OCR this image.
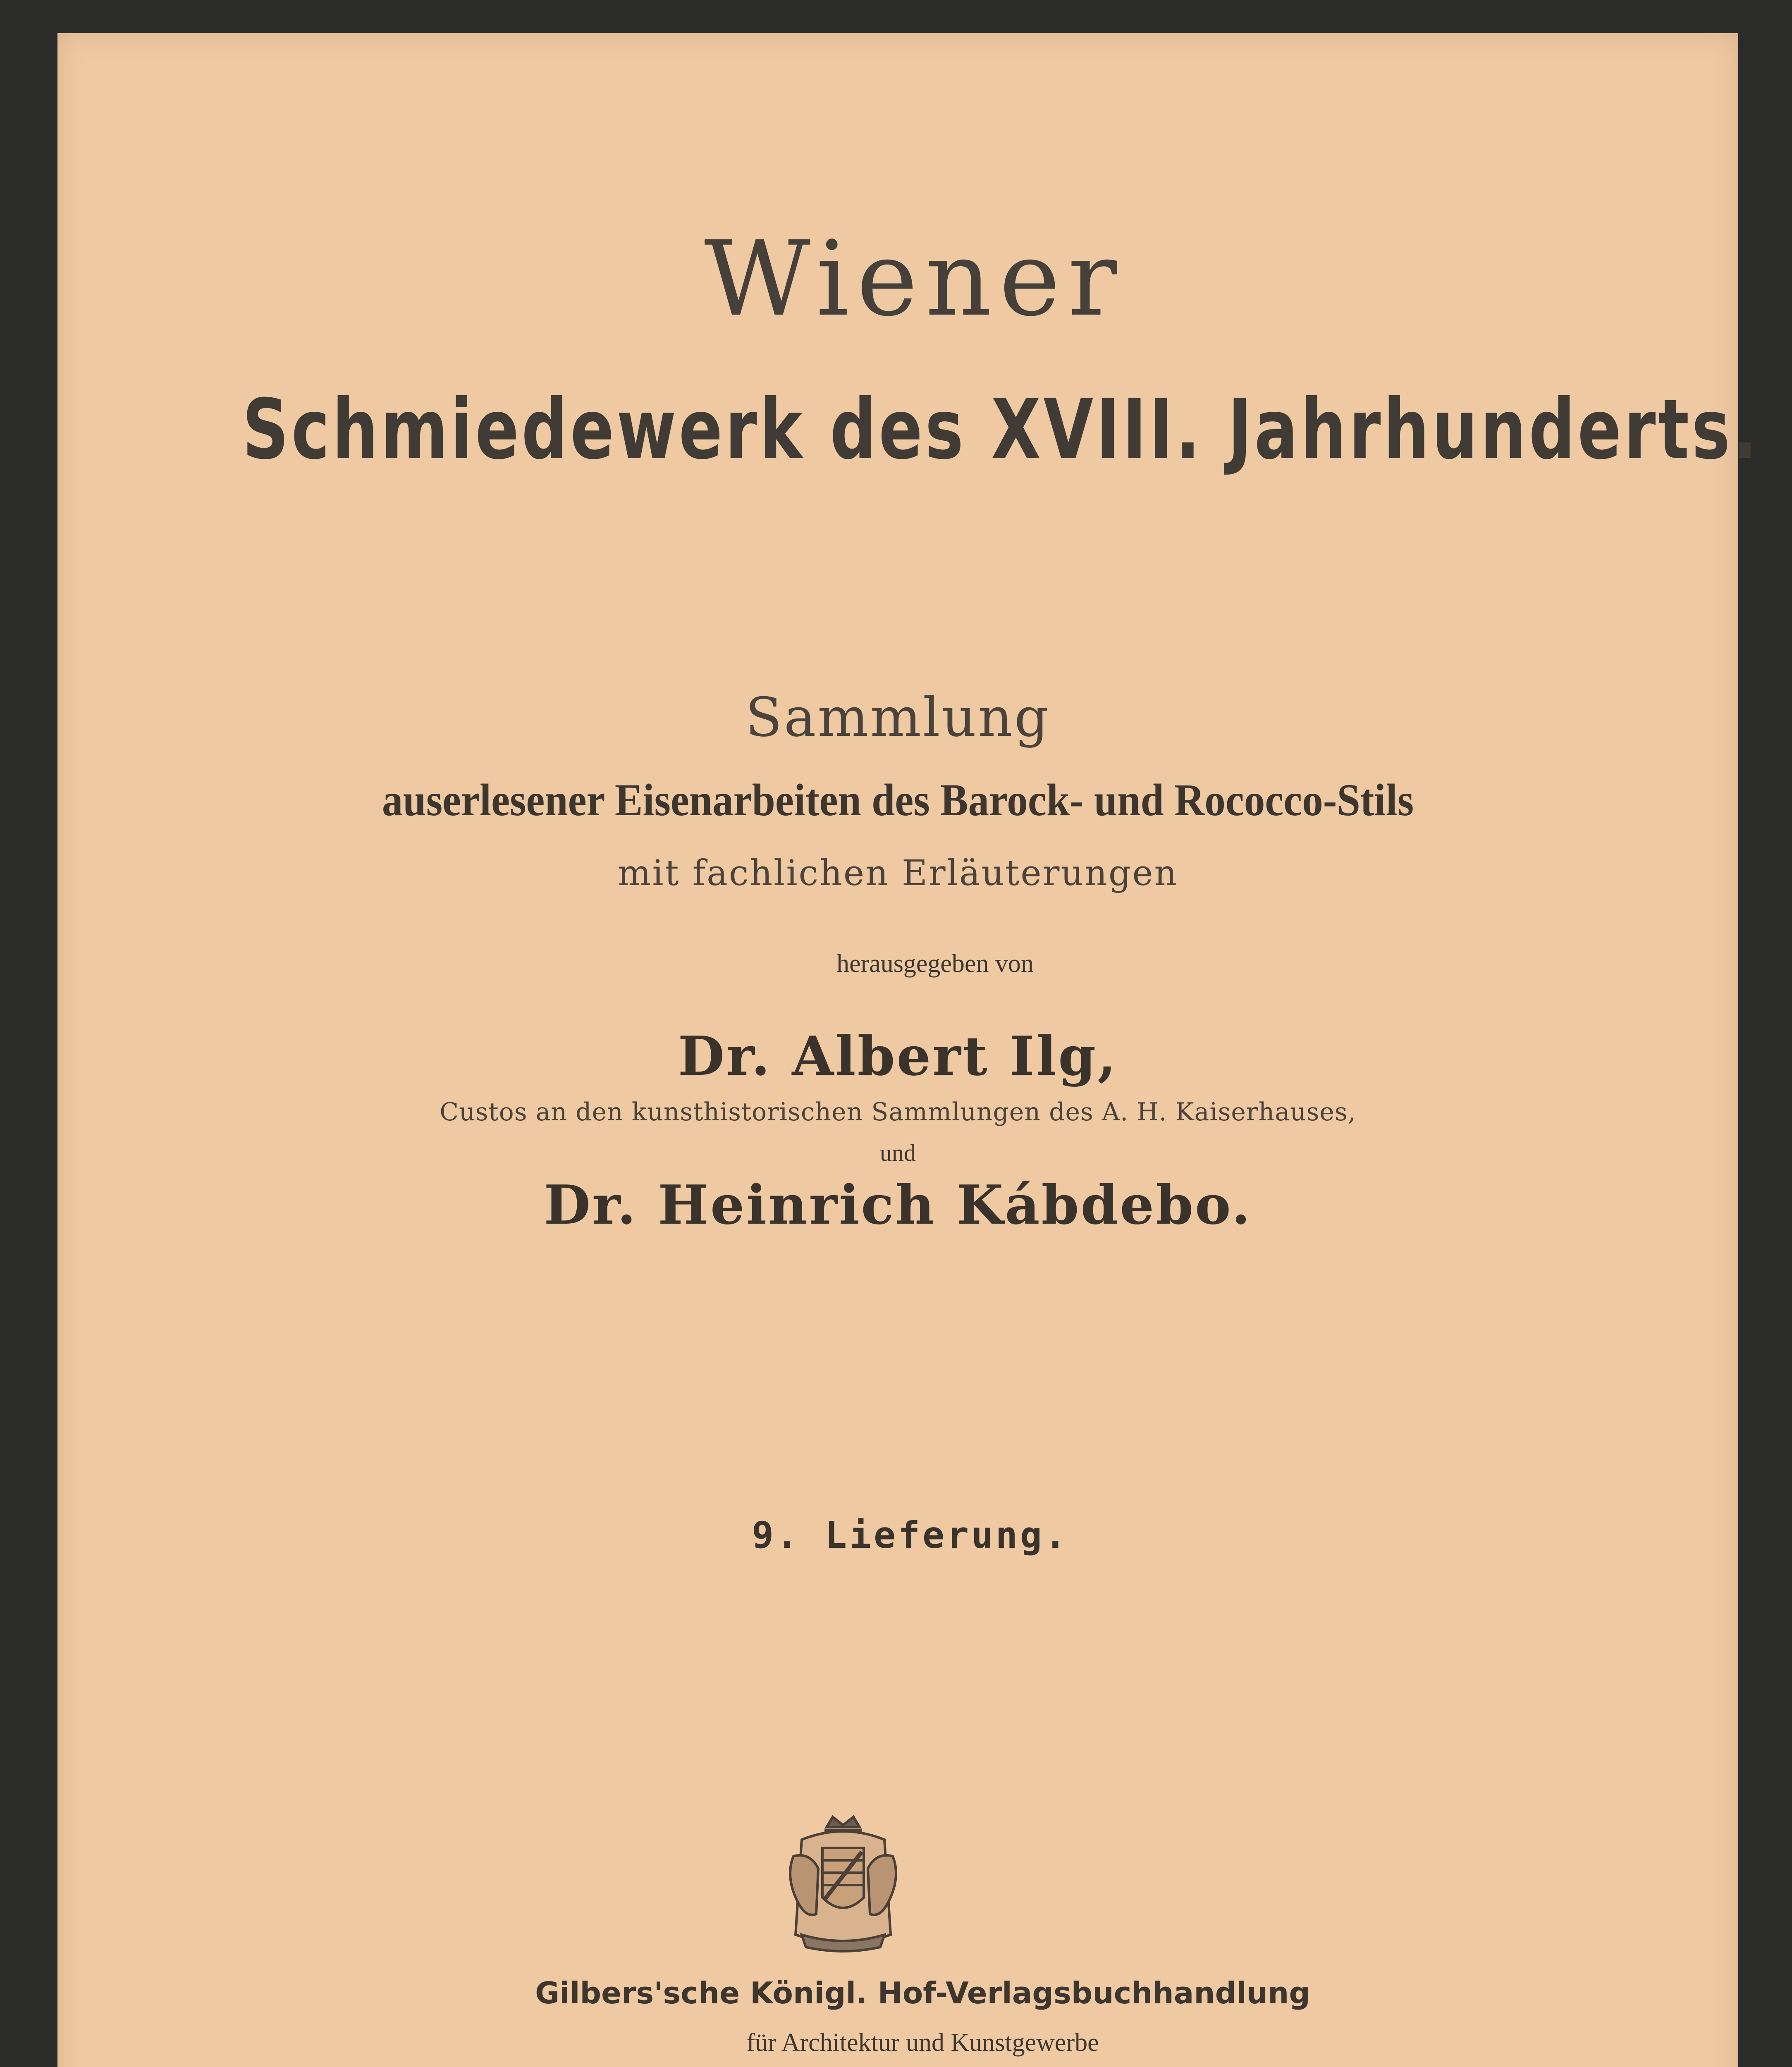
Wiener

Schmiedewerk des XVIII. Jahrhunderts.

Sammlung

auserlesener Eisenarbeiten des Barock- und Rococco-Stils

mit fachlichen Erläuterungen

herausgegeben von

Dr. Albert Ilg,

Custos an den kunsthistorischen Sammlungen des A. H. Kaiserhauses,

und

Dr. Heinrich Kábdebo.

9. Lieferung.

Gilbers'sche Königl. Hof-Verlagsbuchhandlung

für Architektur und Kunstgewerbe
